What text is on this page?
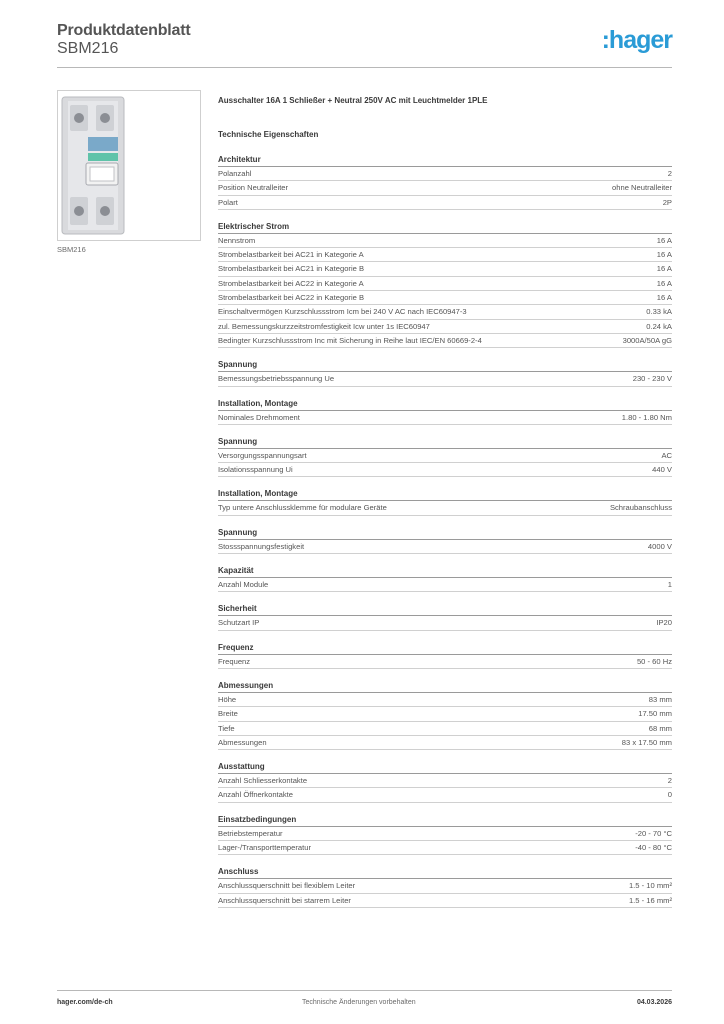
Produktdatenblatt
SBM216	:hager
SBM216
Ausschalter 16A 1 Schließer + Neutral 250V AC mit Leuchtmelder 1PLE
Technische Eigenschaften
Architektur
Polanzahl	2
Position Neutralleiter	ohne Neutralleiter
Polart	2P
Elektrischer Strom
Nennstrom	16 A
Strombelastbarkeit bei AC21 in Kategorie A	16 A
Strombelastbarkeit bei AC21 in Kategorie B	16 A
Strombelastbarkeit bei AC22 in Kategorie A	16 A
Strombelastbarkeit bei AC22 in Kategorie B	16 A
Einschaltvermögen Kurzschlussstrom Icm bei 240 V AC nach IEC60947-3	0.33 kA
zul. Bemessungskurzzeitstromfestigkeit Icw unter 1s IEC60947	0.24 kA
Bedingter Kurzschlussstrom Inc mit Sicherung in Reihe laut IEC/EN 60669-2-4	3000A/50A gG
Spannung
Bemessungsbetriebsspannung Ue	230 - 230 V
Installation, Montage
Nominales Drehmoment	1.80 - 1.80 Nm
Spannung
Versorgungsspannungsart	AC
Isolationsspannung Ui	440 V
Installation, Montage
Typ untere Anschlussklemme für modulare Geräte	Schraubanschluss
Spannung
Stossspannungsfestigkeit	4000 V
Kapazität
Anzahl Module	1
Sicherheit
Schutzart IP	IP20
Frequenz
Frequenz	50 - 60 Hz
Abmessungen
Höhe	83 mm
Breite	17.50 mm
Tiefe	68 mm
Abmessungen	83 x 17.50 mm
Ausstattung
Anzahl Schliesserkontakte	2
Anzahl Öffnerkontakte	0
Einsatzbedingungen
Betriebstemperatur	-20 - 70 °C
Lager-/Transporttemperatur	-40 - 80 °C
Anschluss
Anschlussquerschnitt bei flexiblem Leiter	1.5 - 10 mm²
Anschlussquerschnitt bei starrem Leiter	1.5 - 16 mm²
hager.com/de-ch	Technische Änderungen vorbehalten	04.03.2026
